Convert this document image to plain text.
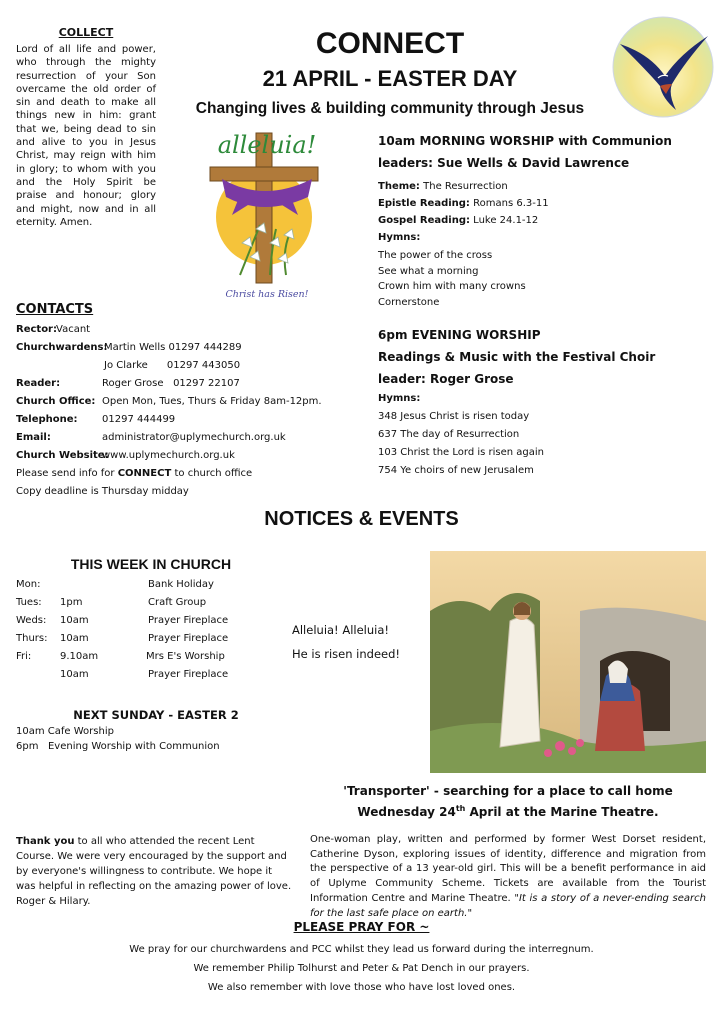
COLLECT

Lord of all life and power, who through the mighty resurrection of your Son overcame the old order of sin and death to make all things new in him: grant that we, being dead to sin and alive to you in Jesus Christ, may reign with him in glory; to whom with you and the Holy Spirit be praise and honour; glory and might, now and in all eternity. Amen.

CONNECT
21 APRIL - EASTER DAY
Changing lives & building community through Jesus
alleluia!
Christ has Risen!
10am MORNING WORSHIP with Communion
leaders: Sue Wells & David Lawrence
Theme: The Resurrection
Epistle Reading: Romans 6.3-11
Gospel Reading: Luke 24.1-12
Hymns:
The power of the cross
See what a morning
Crown him with many crowns
Cornerstone
6pm EVENING WORSHIP
Readings & Music with the Festival Choir
leader: Roger Grose
Hymns:
348 Jesus Christ is risen today
637 The day of Resurrection
103 Christ the Lord is risen again
754 Ye choirs of new Jerusalem
CONTACTS
Rector: Vacant
Churchwardens:
Martin Wells 01297 444289
Jo Clarke      01297 443050
Reader:	Roger Grose   01297 22107
Church Office: Open Mon, Tues, Thurs & Friday 8am-12pm.
Telephone: 01297 444499
Email:	administrator@uplymechurch.org.uk
Church Website:
www.uplymechurch.org.uk
Please send info for CONNECT to church office
Copy deadline is Thursday midday
NOTICES & EVENTS
THIS WEEK IN CHURCH
Mon:	Bank Holiday
Tues: 1pm	Craft Group
Weds: 10am	Prayer Fireplace
Thurs: 10am	Prayer Fireplace
Fri:	9.10am	Mrs E's Worship
10am	Prayer Fireplace
NEXT SUNDAY - EASTER 2
10am Cafe Worship
6pm   Evening Worship with Communion
Alleluia! Alleluia!
He is risen indeed!
'Transporter' - searching for a place to call home
Wednesday 24th April at the Marine Theatre.

One-woman play, written and performed by former West Dorset resident, Catherine Dyson, exploring issues of identity, difference and migration from the perspective of a 13 year-old girl. This will be a benefit performance in aid of Uplyme Community Scheme. Tickets are available from the Tourist Information Centre and Marine Theatre. "It is a story of a never-ending search for the last safe place on earth."

Thank you to all who attended the recent Lent Course. We were very encouraged by the support and by everyone's willingness to contribute. We hope it was helpful in reflecting on the amazing power of love.
Roger & Hilary.
PLEASE PRAY FOR ~
We pray for our churchwardens and PCC whilst they lead us forward during the interregnum.
We remember Philip Tolhurst and Peter & Pat Dench in our prayers.
We also remember with love those who have lost loved ones.
